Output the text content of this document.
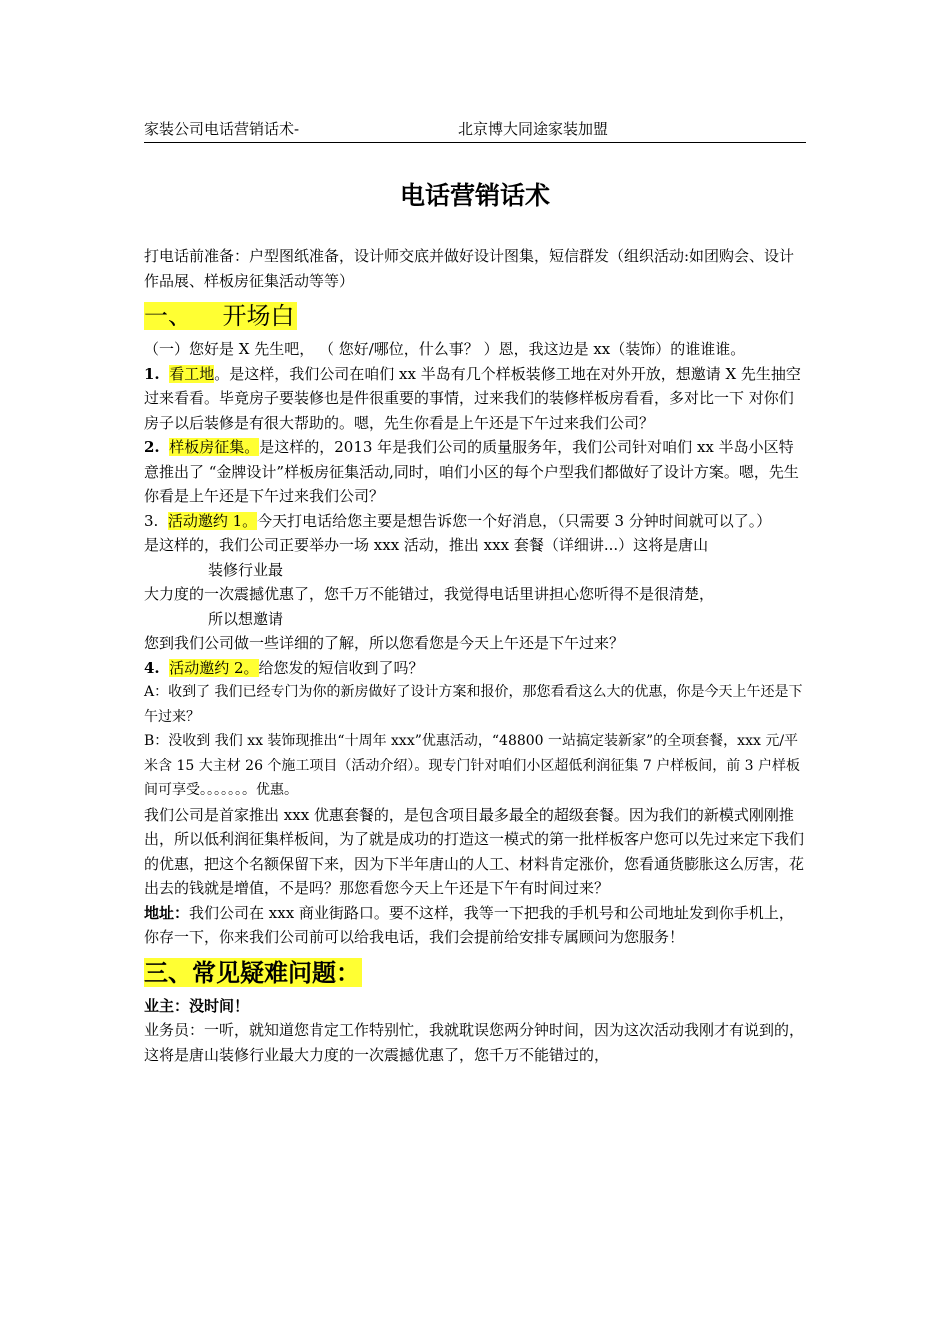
家装公司电话营销话术-	北京博大同途家装加盟
电话营销话术

打电话前准备：户型图纸准备，设计师交底并做好设计图集，短信群发（组织活动:如团购会、设计作品展、样板房征集活动等等）

一、 开场白

（一）您好是 X 先生吧， （ 您好/哪位，什么事？ ）恩，我这边是 xx（装饰）的谁谁谁。

1. 看工地。是这样，我们公司在咱们 xx 半岛有几个样板装修工地在对外开放，想邀请 X 先生抽空过来看看。毕竟房子要装修也是件很重要的事情，过来我们的装修样板房看看，多对比一下 对你们房子以后装修是有很大帮助的。嗯，先生你看是上午还是下午过来我们公司？

2. 样板房征集。是这样的，2013 年是我们公司的质量服务年，我们公司针对咱们 xx 半岛小区特意推出了 “金牌设计”样板房征集活动,同时，咱们小区的每个户型我们都做好了设计方案。嗯，先生你看是上午还是下午过来我们公司？

3. 活动邀约 1。今天打电话给您主要是想告诉您一个好消息，（只需要 3 分钟时间就可以了。）

是这样的，我们公司正要举办一场 xxx 活动，推出 xxx 套餐（详细讲...）这将是唐山

装修行业最

大力度的一次震撼优惠了，您千万不能错过，我觉得电话里讲担心您听得不是很清楚，

所以想邀请

您到我们公司做一些详细的了解，所以您看您是今天上午还是下午过来？

4. 活动邀约 2。给您发的短信收到了吗？

A：收到了 我们已经专门为你的新房做好了设计方案和报价，那您看看这么大的优惠，你是今天上午还是下午过来？

B：没收到 我们 xx 装饰现推出“十周年 xxx”优惠活动，“48800 一站搞定装新家”的全项套餐，xxx 元/平米含 15 大主材 26 个施工项目（活动介绍）。现专门针对咱们小区超低利润征集 7 户样板间，前 3 户样板间可享受。。。。。。。优惠。

我们公司是首家推出 xxx 优惠套餐的，是包含项目最多最全的超级套餐。因为我们的新模式刚刚推出，所以低利润征集样板间，为了就是成功的打造这一模式的第一批样板客户您可以先过来定下我们的优惠，把这个名额保留下来，因为下半年唐山的人工、材料肯定涨价，您看通货膨胀这么厉害，花出去的钱就是增值，不是吗？那您看您今天上午还是下午有时间过来？

地址：我们公司在 xxx 商业街路口。要不这样，我等一下把我的手机号和公司地址发到你手机上，你存一下，你来我们公司前可以给我电话，我们会提前给安排专属顾问为您服务！

三、常见疑难问题：

业主：没时间！

业务员：一听，就知道您肯定工作特别忙，我就耽误您两分钟时间，因为这次活动我刚才有说到的，这将是唐山装修行业最大力度的一次震撼优惠了，您千万不能错过的，
